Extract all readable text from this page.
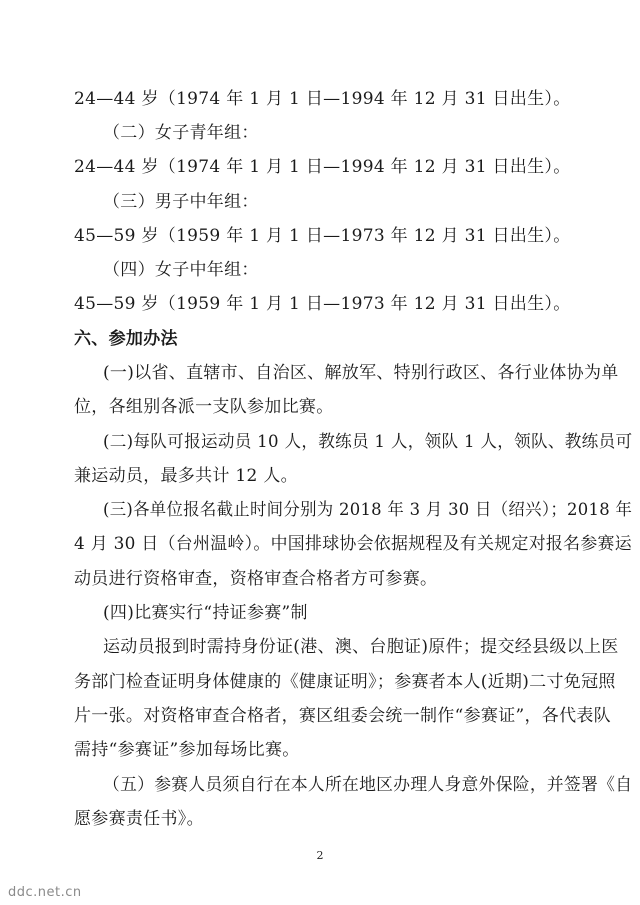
24—44 岁（1974 年 1 月 1 日—1994 年 12 月 31 日出生）。
（二）女子青年组：
24—44 岁（1974 年 1 月 1 日—1994 年 12 月 31 日出生）。
（三）男子中年组：
45—59 岁（1959 年 1 月 1 日—1973 年 12 月 31 日出生）。
（四）女子中年组：
45—59 岁（1959 年 1 月 1 日—1973 年 12 月 31 日出生）。
六、参加办法
(一)以省、直辖市、自治区、解放军、特别行政区、各行业体协为单
位，各组别各派一支队参加比赛。
(二)每队可报运动员 10 人，教练员 1 人，领队 1 人，领队、教练员可
兼运动员，最多共计 12 人。
(三)各单位报名截止时间分别为 2018 年 3 月 30 日（绍兴）；2018 年
4 月 30 日（台州温岭）。中国排球协会依据规程及有关规定对报名参赛运
动员进行资格审查，资格审查合格者方可参赛。
(四)比赛实行“持证参赛”制
运动员报到时需持身份证(港、澳、台胞证)原件；提交经县级以上医
务部门检查证明身体健康的《健康证明》；参赛者本人(近期)二寸免冠照
片一张。对资格审查合格者，赛区组委会统一制作“参赛证”，各代表队
需持“参赛证”参加每场比赛。
（五）参赛人员须自行在本人所在地区办理人身意外保险，并签署《自
愿参赛责任书》。
2
ddc.net.cn
